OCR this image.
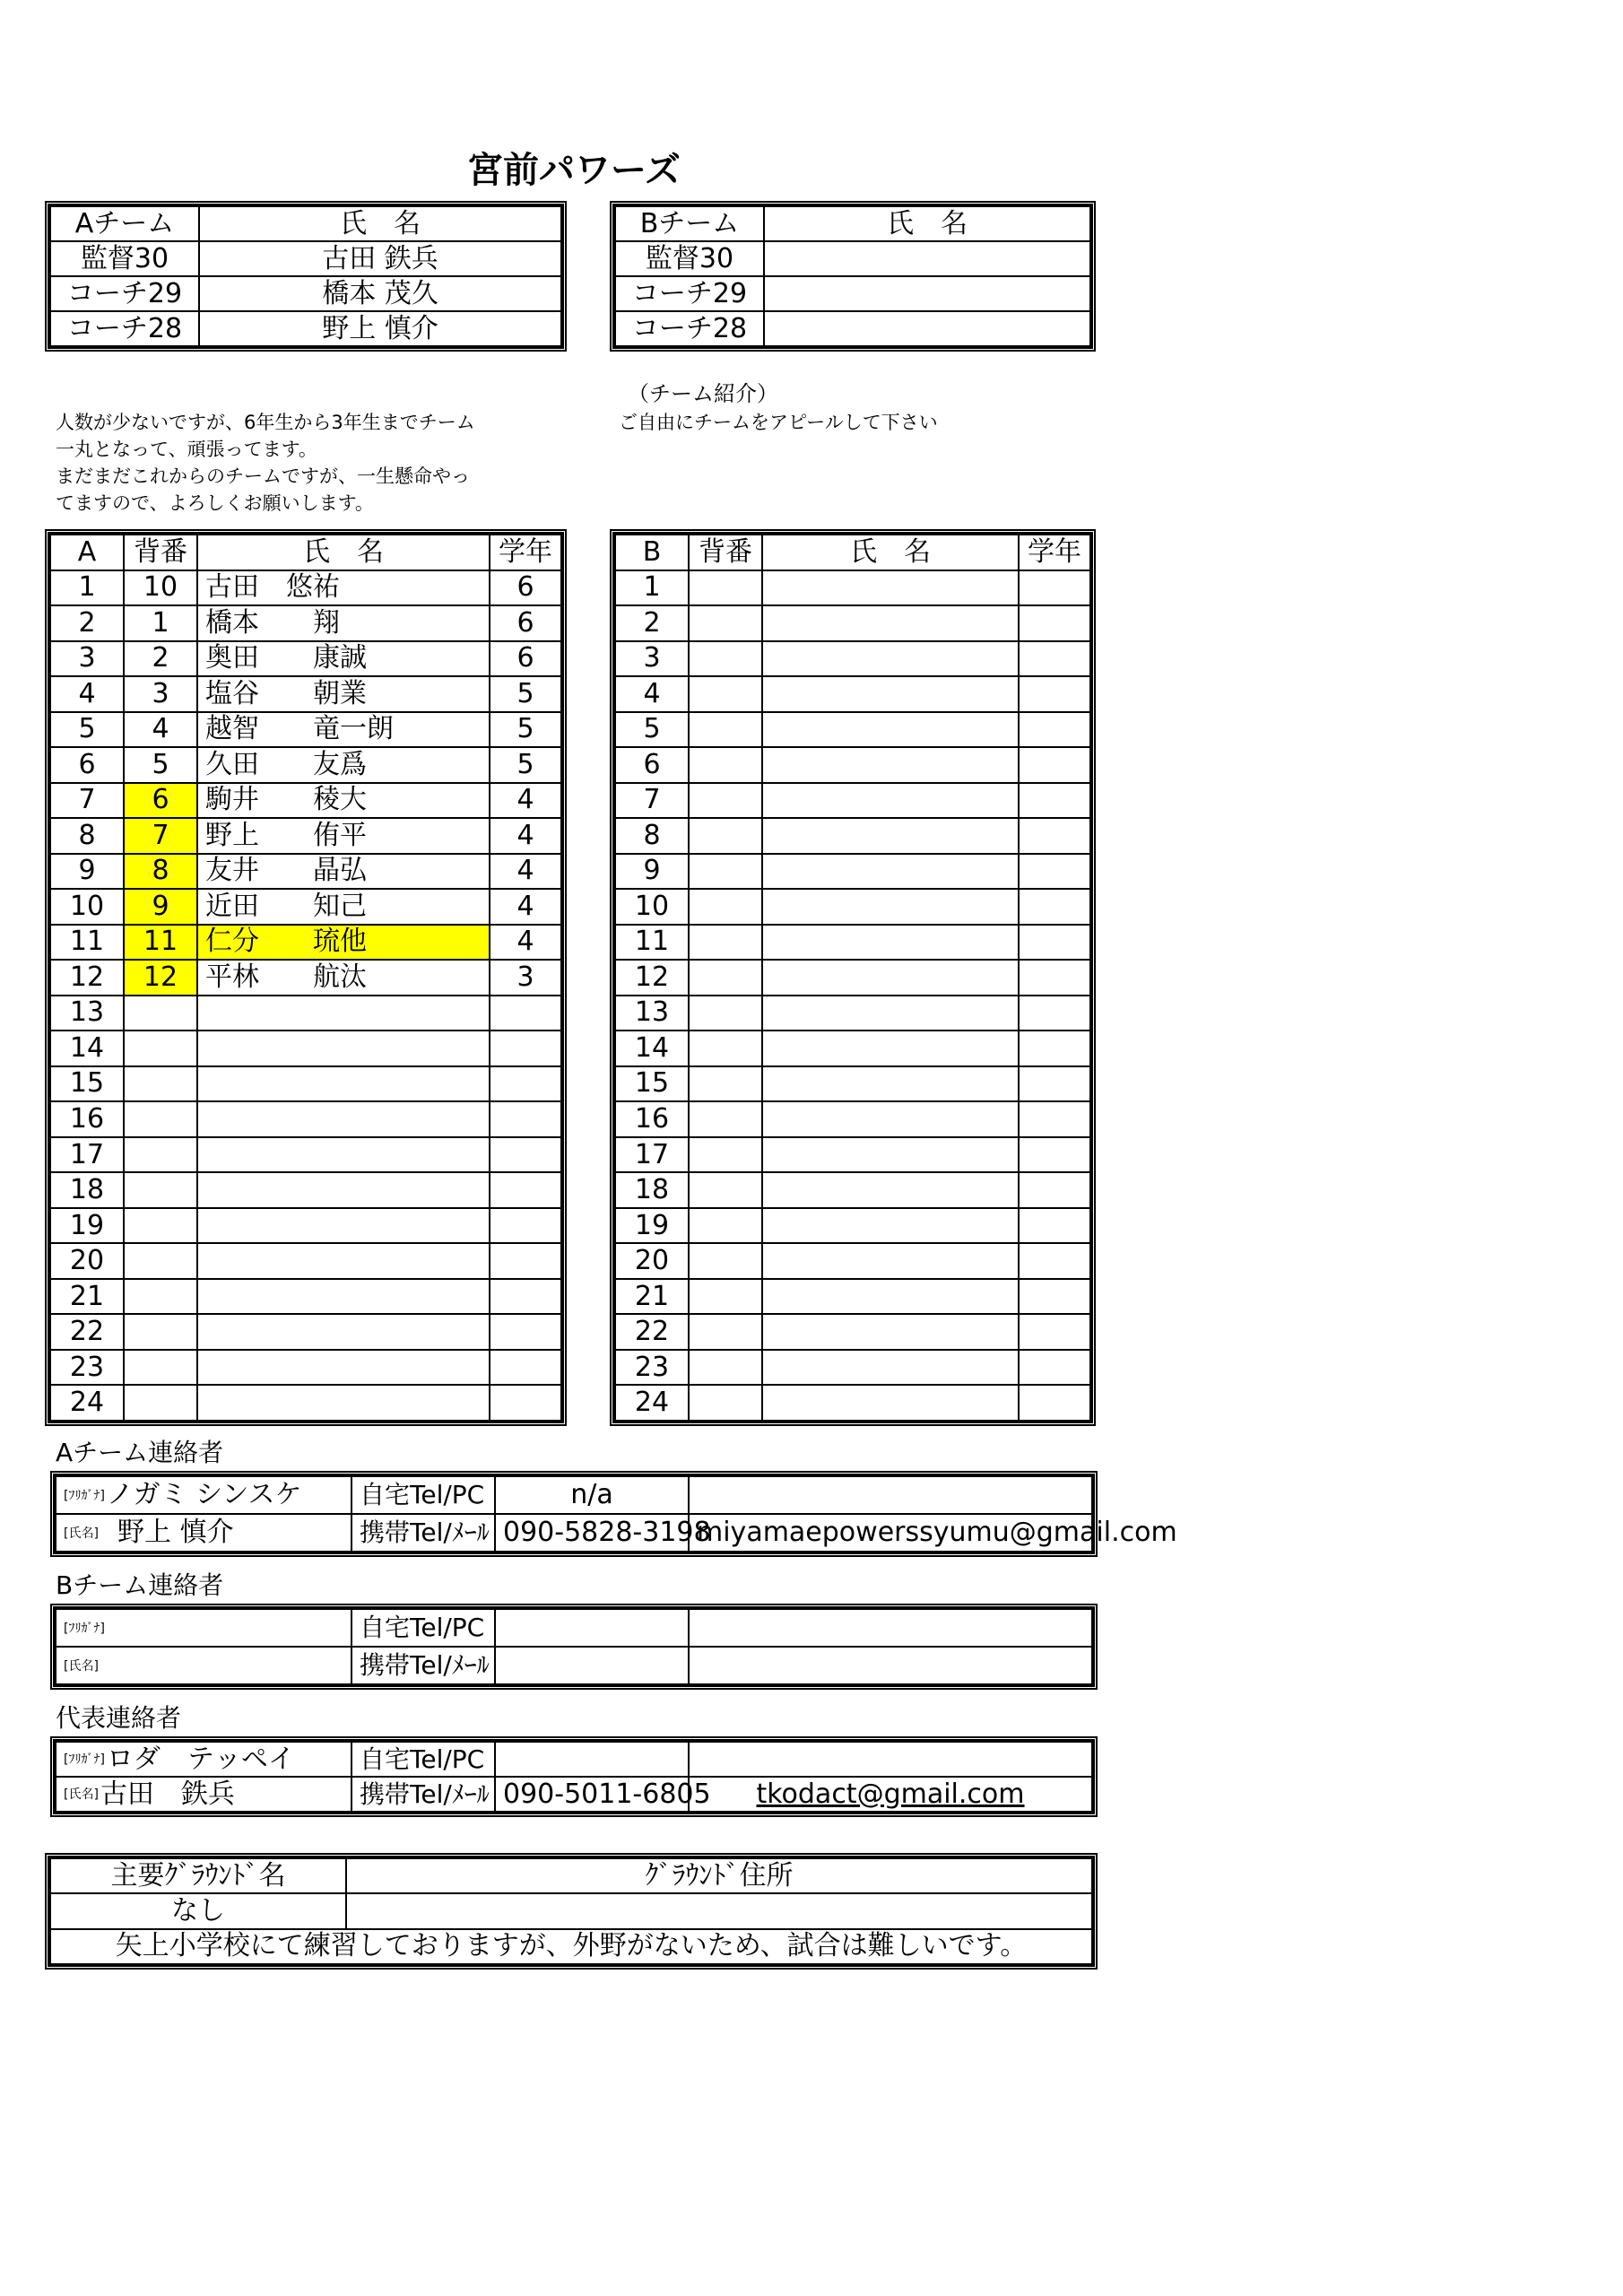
宮前パワーズ
Aチーム	氏　名
監督30	古田 鉄兵
コーチ29	橋本 茂久
コーチ28	野上 慎介
Bチーム	氏　名
監督30	
コーチ29	
コーチ28	
人数が少ないですが、6年生から3年生までチーム
一丸となって、頑張ってます。
まだまだこれからのチームですが、一生懸命やっ
てますので、よろしくお願いします。
（チーム紹介）
ご自由にチームをアピールして下さい
A	背番	氏　名	学年
1	10	古田　悠祐	6
2	1	橋本　　翔	6
3	2	奥田　　康誠	6
4	3	塩谷　　朝業	5
5	4	越智　　竜一朗	5
6	5	久田　　友爲	5
7	6	駒井　　稜大	4
8	7	野上　　侑平	4
9	8	友井　　晶弘	4
10	9	近田　　知己	4
11	11	仁分　　琉他	4
12	12	平林　　航汰	3
13			
14			
15			
16			
17			
18			
19			
20			
21			
22			
23			
24			
B	背番	氏　名	学年
1			
2			
3			
4			
5			
6			
7			
8			
9			
10			
11			
12			
13			
14			
15			
16			
17			
18			
19			
20			
21			
22			
23			
24			
Aチーム連絡者
[ﾌﾘｶﾞﾅ]ノガミ シンスケ	自宅Tel/PC	n/a	
[氏名] 野上 慎介	携帯Tel/ﾒｰﾙ	090-5828-3198	miyamaepowerssyumu@gmail.com
Bチーム連絡者
[ﾌﾘｶﾞﾅ]	自宅Tel/PC		
[氏名]	携帯Tel/ﾒｰﾙ		
代表連絡者
[ﾌﾘｶﾞﾅ]ロダ　テッペイ	自宅Tel/PC		
[氏名]古田　鉄兵	携帯Tel/ﾒｰﾙ	090-5011-6805	tkodact@gmail.com
主要ｸﾞﾗｳﾝﾄﾞ名	ｸﾞﾗｳﾝﾄﾞ住所
なし	
矢上小学校にて練習しておりますが、外野がないため、試合は難しいです。	
